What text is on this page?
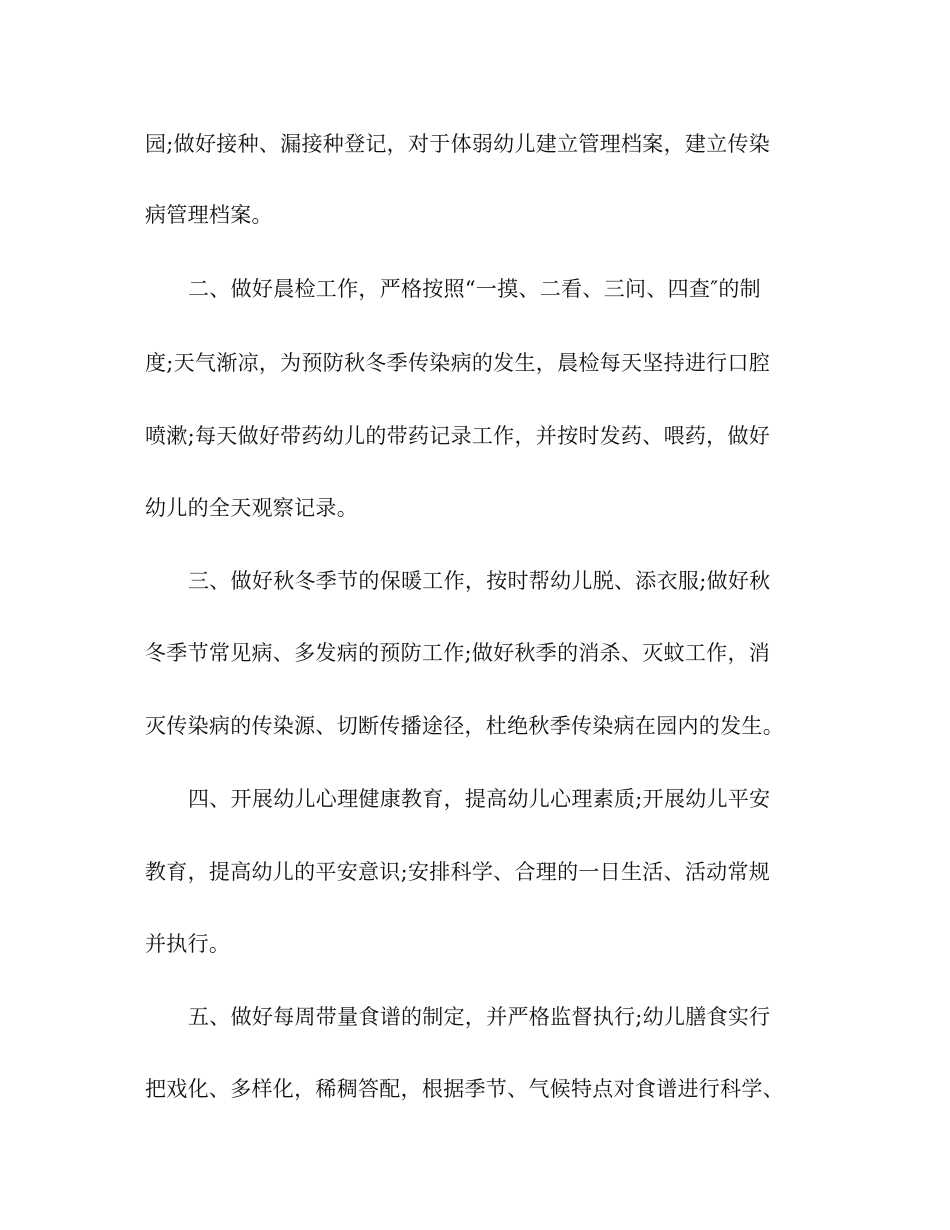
园;做好接种、漏接种登记，对于体弱幼儿建立管理档案，建立传染
病管理档案。
二、做好晨检工作，严格按照“一摸、二看、三问、四查″的制
度;天气渐凉，为预防秋冬季传染病的发生，晨检每天坚持进行口腔
喷漱;每天做好带药幼儿的带药记录工作，并按时发药、喂药，做好
幼儿的全天观察记录。
三、做好秋冬季节的保暖工作，按时帮幼儿脱、添衣服;做好秋
冬季节常见病、多发病的预防工作;做好秋季的消杀、灭蚊工作，消
灭传染病的传染源、切断传播途径，杜绝秋季传染病在园内的发生。
四、开展幼儿心理健康教育，提高幼儿心理素质;开展幼儿平安
教育，提高幼儿的平安意识;安排科学、合理的一日生活、活动常规
并执行。
五、做好每周带量食谱的制定，并严格监督执行;幼儿膳食实行
把戏化、多样化，稀稠答配，根据季节、气候特点对食谱进行科学、
